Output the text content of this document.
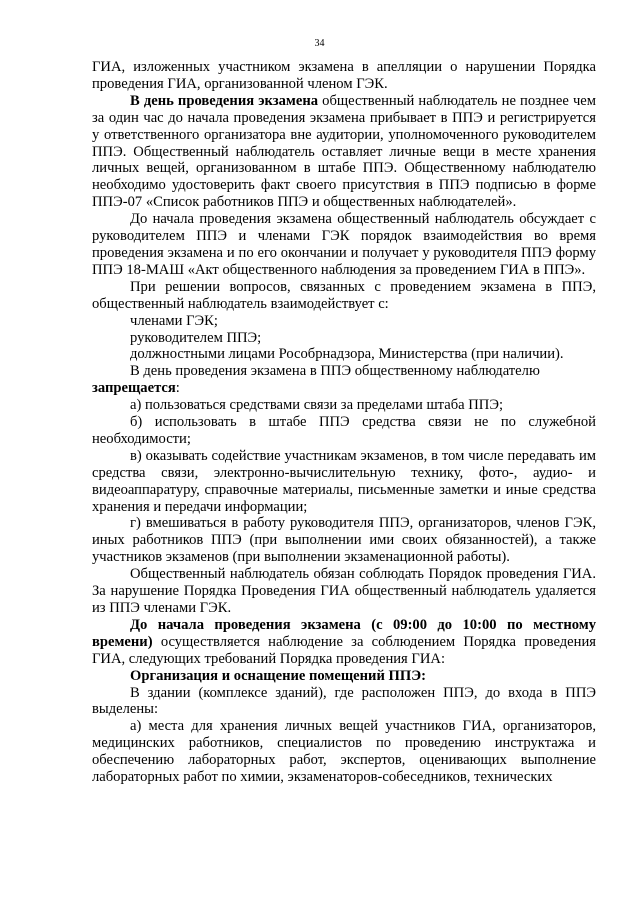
34

ГИА, изложенных участником экзамена в апелляции о нарушении Порядка проведения ГИА, организованной членом ГЭК.

В день проведения экзамена общественный наблюдатель не позднее чем за один час до начала проведения экзамена прибывает в ППЭ и регистрируется у ответственного организатора вне аудитории, уполномоченного руководителем ППЭ. Общественный наблюдатель оставляет личные вещи в месте хранения личных вещей, организованном в штабе ППЭ. Общественному наблюдателю необходимо удостоверить факт своего присутствия в ППЭ подписью в форме ППЭ-07 «Список работников ППЭ и общественных наблюдателей».

До начала проведения экзамена общественный наблюдатель обсуждает с руководителем ППЭ и членами ГЭК порядок взаимодействия во время проведения экзамена и по его окончании и получает у руководителя ППЭ форму ППЭ 18-МАШ «Акт общественного наблюдения за проведением ГИА в ППЭ».

При решении вопросов, связанных с проведением экзамена в ППЭ, общественный наблюдатель взаимодействует с:

членами ГЭК;

руководителем ППЭ;

должностными лицами Рособрнадзора, Министерства (при наличии).

В день проведения экзамена в ППЭ общественному наблюдателю
запрещается:

а) пользоваться средствами связи за пределами штаба ППЭ;

б) использовать в штабе ППЭ средства связи не по служебной необходимости;

в) оказывать содействие участникам экзаменов, в том числе передавать им средства связи, электронно-вычислительную технику, фото-, аудио- и видеоаппаратуру, справочные материалы, письменные заметки и иные средства хранения и передачи информации;

г) вмешиваться в работу руководителя ППЭ, организаторов, членов ГЭК, иных работников ППЭ (при выполнении ими своих обязанностей), а также участников экзаменов (при выполнении экзаменационной работы).

Общественный наблюдатель обязан соблюдать Порядок проведения ГИА. За нарушение Порядка Проведения ГИА общественный наблюдатель удаляется из ППЭ членами ГЭК.

До начала проведения экзамена (с 09:00 до 10:00 по местному времени) осуществляется наблюдение за соблюдением Порядка проведения ГИА, следующих требований Порядка проведения ГИА:

Организация и оснащение помещений ППЭ:

В здании (комплексе зданий), где расположен ППЭ, до входа в ППЭ выделены:

а) места для хранения личных вещей участников ГИА, организаторов, медицинских работников, специалистов по проведению инструктажа и обеспечению лабораторных работ, экспертов, оценивающих выполнение лабораторных работ по химии, экзаменаторов-собеседников, технических
